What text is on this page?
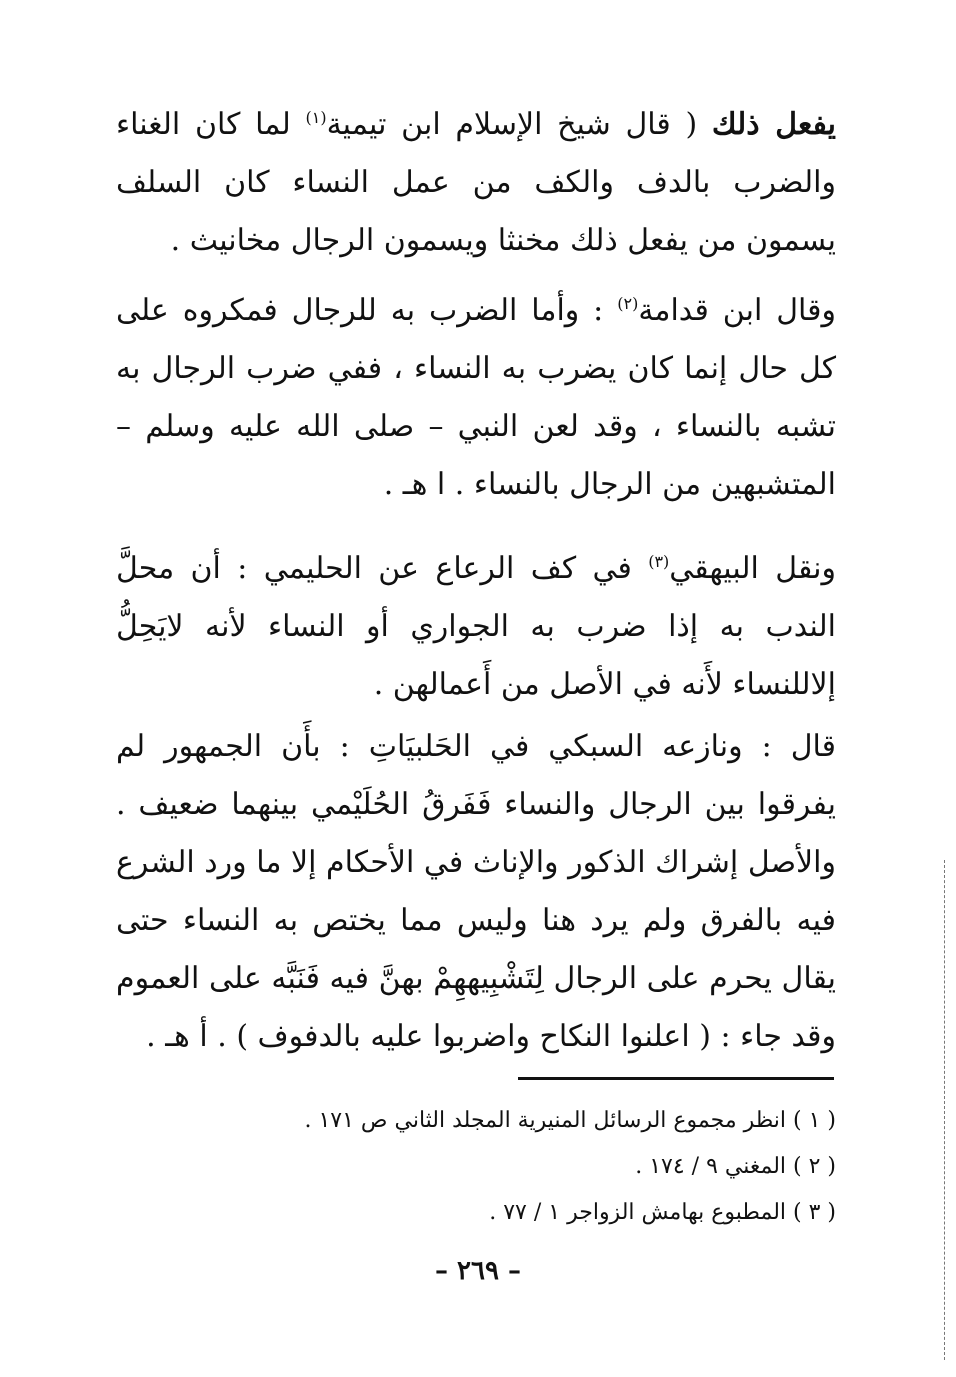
يفعل ذلك ( قال شيخ الإسلام ابن تيمية$^{(١)}$ لما كان الغناء والضرب بالدف والكف من عمل النساء كان السلف يسمون من يفعل ذلك مخنثا ويسمون الرجال مخانيث .

وقال ابن قدامة$^{(٢)}$ : وأما الضرب به للرجال فمكروه على كل حال إنما كان يضرب به النساء ، ففي ضرب الرجال به تشبه بالنساء ، وقد لعن النبي – صلى الله عليه وسلم – المتشبهين من الرجال بالنساء . ا هـ .

ونقل البيهقي$^{(٣)}$ في كف الرعاع عن الحليمي : أن محلَّ الندب به إذا ضرب به الجواري أو النساء لأنه لايَحِلُّ إلاللنساء لأَنه في الأصل من أَعمالهن .

قال : ونازعه السبكي في الحَلبيَاتِ : بأَن الجمهور لم يفرقوا بين الرجال والنساء فَفَرقُ الحُلَيْمي بينهما ضعيف . والأصل إشراك الذكور والإناث في الأحكام إلا ما ورد الشرع فيه بالفرق ولم يرد هنا وليس مما يختص به النساء حتى يقال يحرم على الرجال لِتَشْبِيههِمْ بهنَّ فيه فَنَبَّه على العموم وقد جاء : ( اعلنوا النكاح واضربوا عليه بالدفوف ) . أ هـ .

( ١ ) انظر مجموع الرسائل المنيرية المجلد الثاني ص ١٧١ .
( ٢ ) المغني ٩ / ١٧٤ .
( ٣ ) المطبوع بهامش الزواجر ١ / ٧٧ .
– ٢٦٩ –
